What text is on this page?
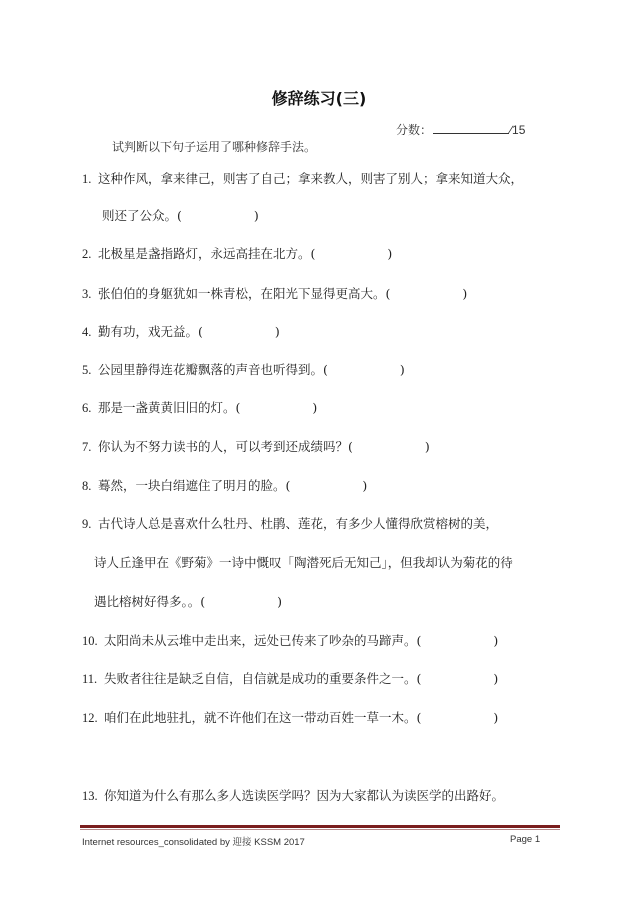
修辞练习(三)
分数：	∕15
试判断以下句子运用了哪种修辞手法。
1. 这种作风，拿来律己，则害了自己；拿来教人，则害了别人；拿来知道大众，
则还了公众。(	)
2. 北极星是盏指路灯，永远高挂在北方。(	)
3. 张伯伯的身躯犹如一株青松，在阳光下显得更高大。(	)
4. 勤有功，戏无益。(	)
5. 公园里静得连花瓣飘落的声音也听得到。(	)
6. 那是一盏黄黄旧旧的灯。(	)
7. 你认为不努力读书的人，可以考到还成绩吗？(	)
8. 蓦然，一块白绢遮住了明月的脸。(	)
9. 古代诗人总是喜欢什么牡丹、杜鹃、莲花，有多少人懂得欣赏榕树的美，
诗人丘逢甲在《野菊》一诗中慨叹「陶潜死后无知己」，但我却认为菊花的待
遇比榕树好得多。。(	)
10. 太阳尚未从云堆中走出来，远处已传来了吵杂的马蹄声。(	)
11. 失败者往往是缺乏自信，自信就是成功的重要条件之一。(	)
12. 咱们在此地驻扎，就不许他们在这一带动百姓一草一木。(	)
13. 你知道为什么有那么多人选读医学吗？因为大家都认为读医学的出路好。
Internet resources_consolidated by 迎接 KSSM 2017	Page 1
